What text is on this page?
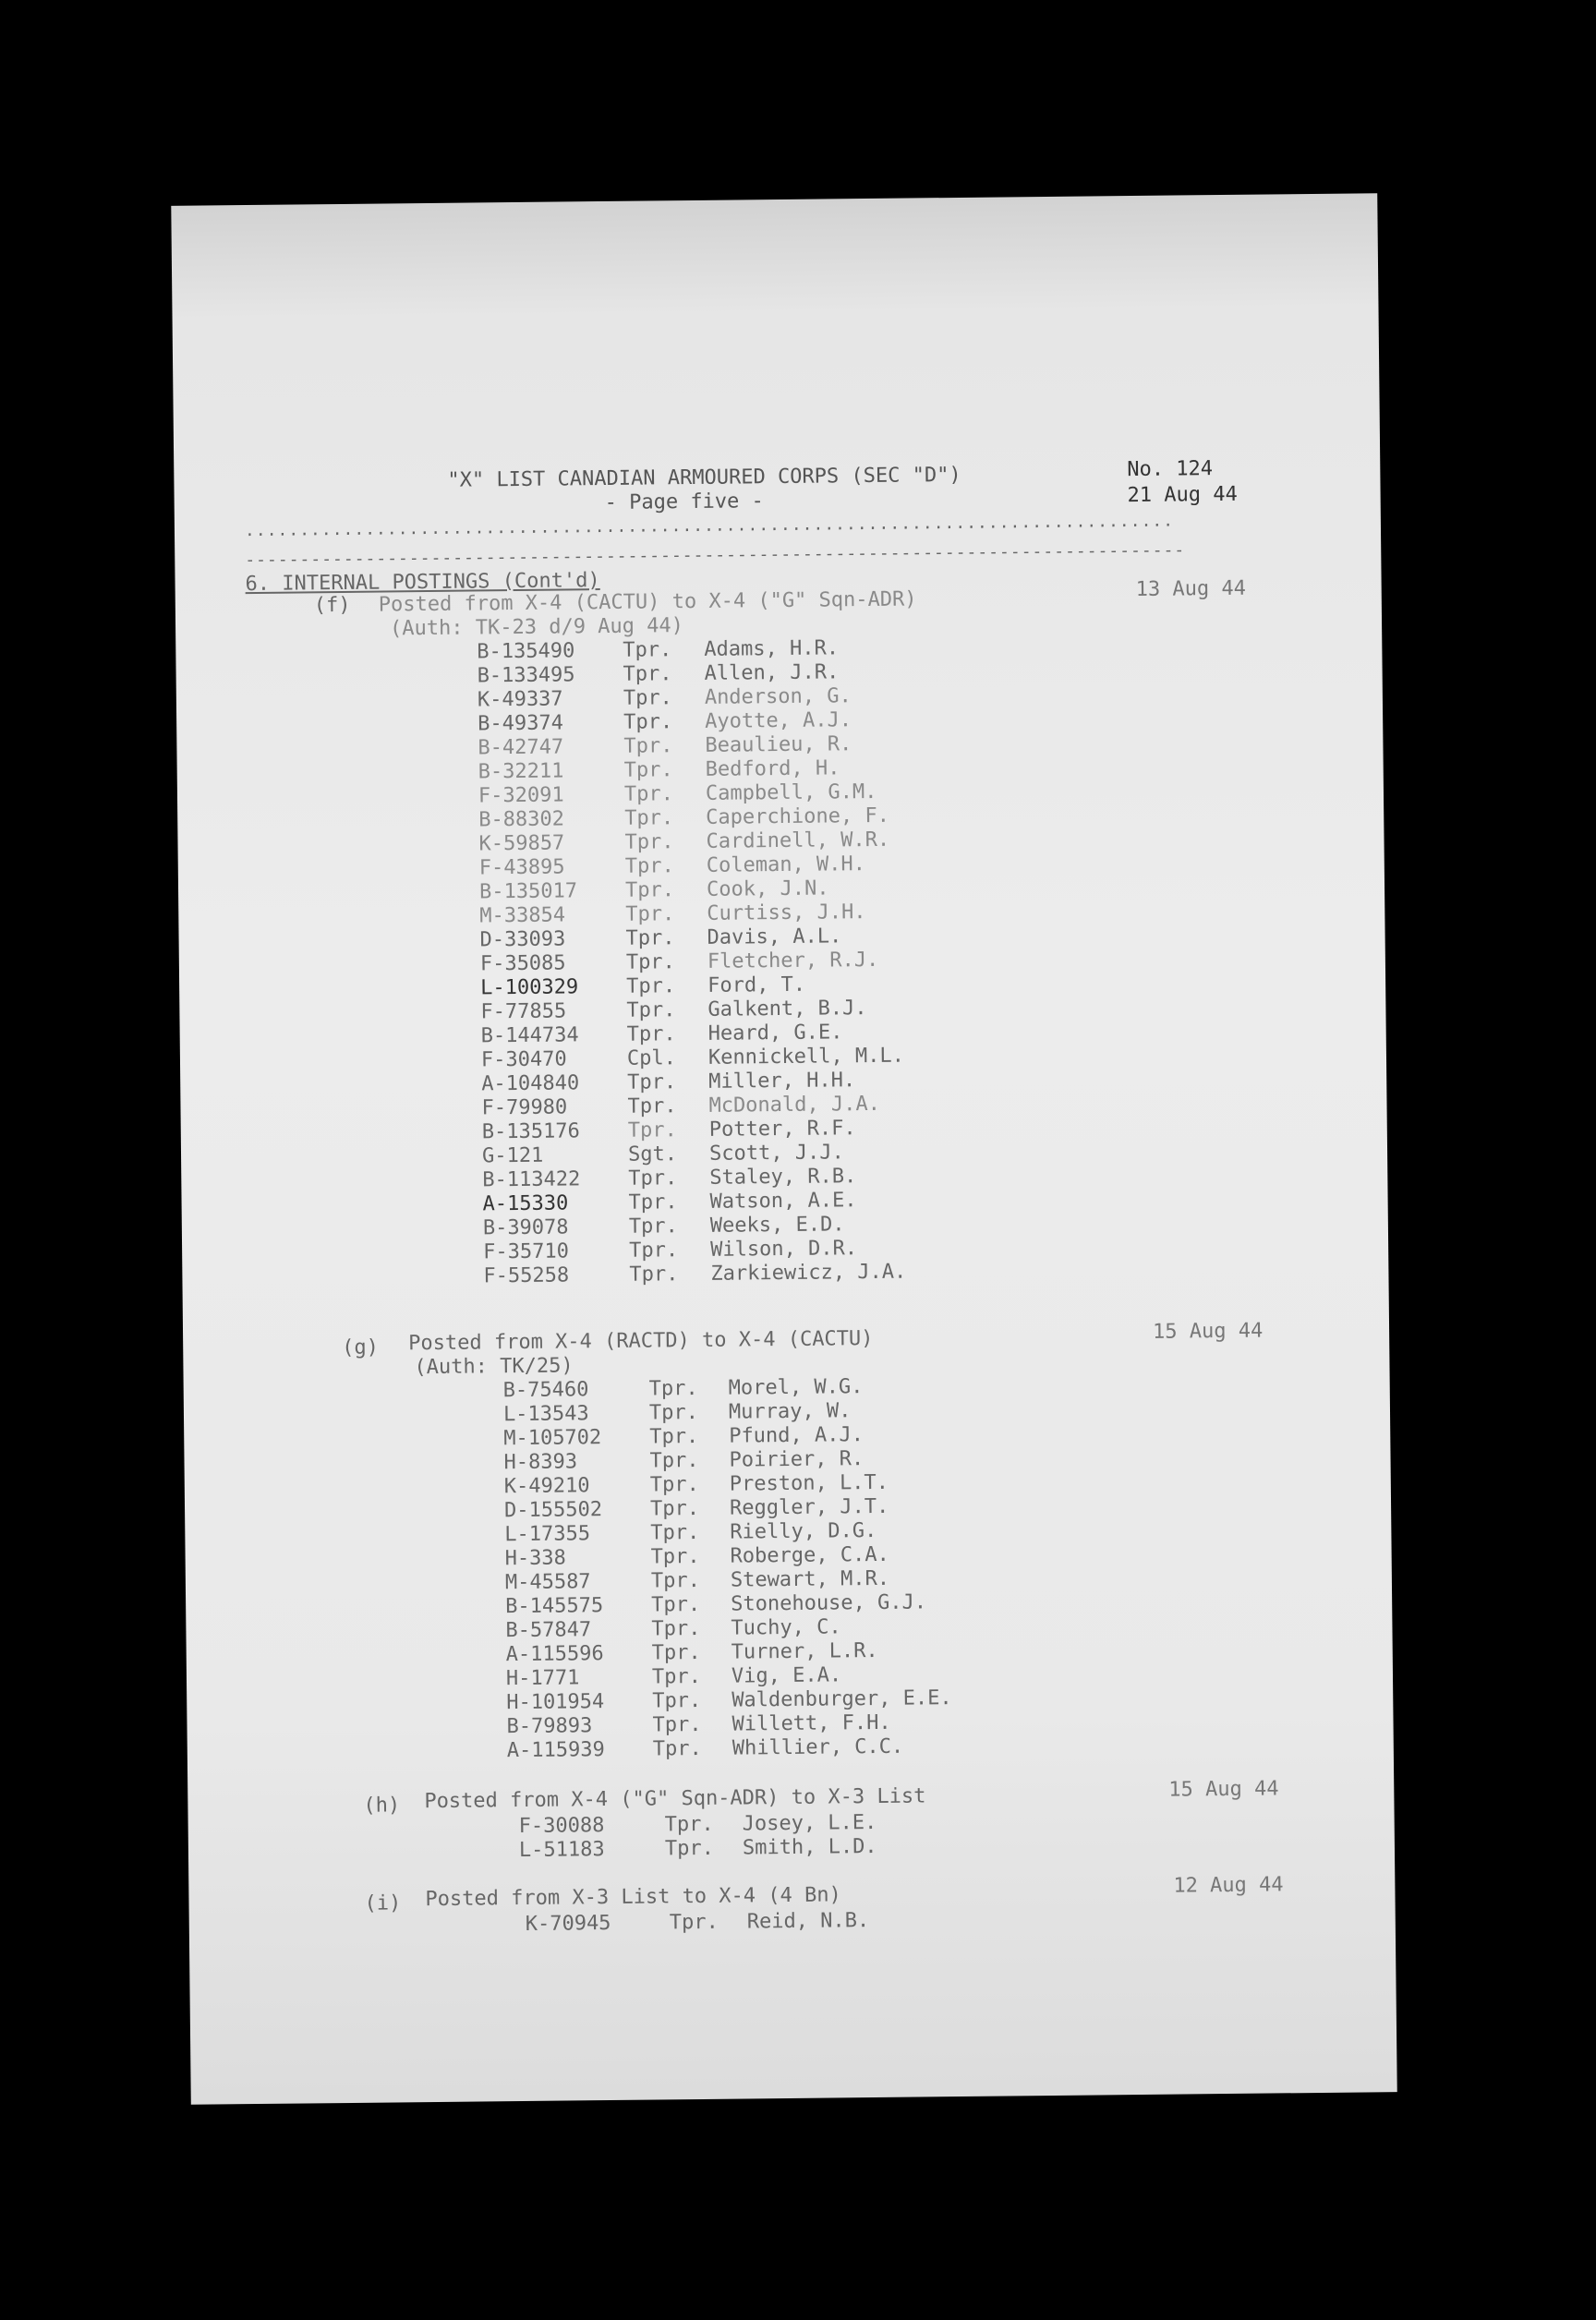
"X" LIST CANADIAN ARMOURED CORPS (SEC "D")
- Page five -
No. 124
21 Aug 44
.....................................................................................
--------------------------------------------------------------------------------------
6. INTERNAL POSTINGS (Cont'd)
(f) Posted from X-4 (CACTU) to X-4 ("G" Sqn-ADR)	13 Aug 44
(Auth: TK-23 d/9 Aug 44)
B-135490	Tpr.	Adams, H.R.
B-133495	Tpr.	Allen, J.R.
K-49337	Tpr.	Anderson, G.
B-49374	Tpr.	Ayotte, A.J.
B-42747	Tpr.	Beaulieu, R.
B-32211	Tpr.	Bedford, H.
F-32091	Tpr.	Campbell, G.M.
B-88302	Tpr.	Caperchione, F.
K-59857	Tpr.	Cardinell, W.R.
F-43895	Tpr.	Coleman, W.H.
B-135017	Tpr.	Cook, J.N.
M-33854	Tpr.	Curtiss, J.H.
D-33093	Tpr.	Davis, A.L.
F-35085	Tpr.	Fletcher, R.J.
L-100329	Tpr.	Ford, T.
F-77855	Tpr.	Galkent, B.J.
B-144734	Tpr.	Heard, G.E.
F-30470	Cpl.	Kennickell, M.L.
A-104840	Tpr.	Miller, H.H.
F-79980	Tpr.	McDonald, J.A.
B-135176	Tpr.	Potter, R.F.
G-121	Sgt.	Scott, J.J.
B-113422	Tpr.	Staley, R.B.
A-15330	Tpr.	Watson, A.E.
B-39078	Tpr.	Weeks, E.D.
F-35710	Tpr.	Wilson, D.R.
F-55258	Tpr.	Zarkiewicz, J.A.
(g) Posted from X-4 (RACTD) to X-4 (CACTU)	15 Aug 44
(Auth: TK/25)
B-75460	Tpr.	Morel, W.G.
L-13543	Tpr.	Murray, W.
M-105702	Tpr.	Pfund, A.J.
H-8393	Tpr.	Poirier, R.
K-49210	Tpr.	Preston, L.T.
D-155502	Tpr.	Reggler, J.T.
L-17355	Tpr.	Rielly, D.G.
H-338	Tpr.	Roberge, C.A.
M-45587	Tpr.	Stewart, M.R.
B-145575	Tpr.	Stonehouse, G.J.
B-57847	Tpr.	Tuchy, C.
A-115596	Tpr.	Turner, L.R.
H-1771	Tpr.	Vig, E.A.
H-101954	Tpr.	Waldenburger, E.E.
B-79893	Tpr.	Willett, F.H.
A-115939	Tpr.	Whillier, C.C.
(h) Posted from X-4 ("G" Sqn-ADR) to X-3 List	15 Aug 44
F-30088	Tpr.	Josey, L.E.
L-51183	Tpr.	Smith, L.D.
(i) Posted from X-3 List to X-4 (4 Bn)	12 Aug 44
K-70945	Tpr.	Reid, N.B.
